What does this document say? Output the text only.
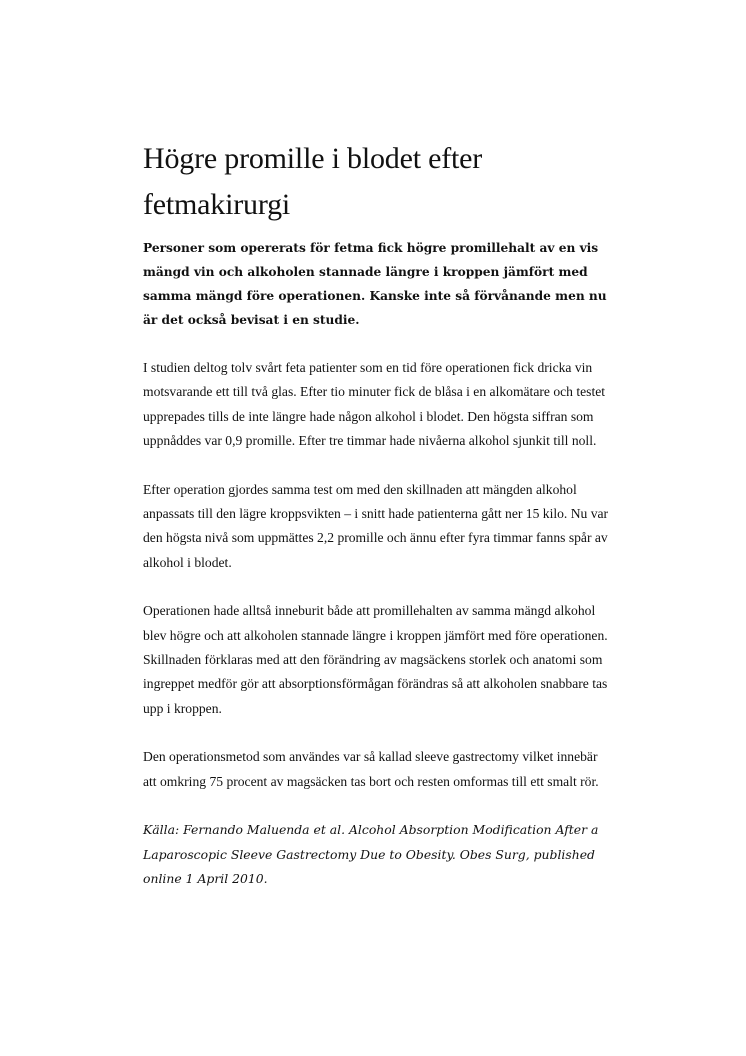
Högre promille i blodet efter fetmakirurgi

Personer som opererats för fetma fick högre promillehalt av en vis mängd vin och alkoholen stannade längre i kroppen jämfört med samma mängd före operationen. Kanske inte så förvånande men nu är det också bevisat i en studie.

I studien deltog tolv svårt feta patienter som en tid före operationen fick dricka vin motsvarande ett till två glas. Efter tio minuter fick de blåsa i en alkomätare och testet upprepades tills de inte längre hade någon alkohol i blodet. Den högsta siffran som uppnåddes var 0,9 promille. Efter tre timmar hade nivåerna alkohol sjunkit till noll.

Efter operation gjordes samma test om med den skillnaden att mängden alkohol anpassats till den lägre kroppsvikten – i snitt hade patienterna gått ner 15 kilo. Nu var den högsta nivå som uppmättes 2,2 promille och ännu efter fyra timmar fanns spår av alkohol i blodet.

Operationen hade alltså inneburit både att promillehalten av samma mängd alkohol blev högre och att alkoholen stannade längre i kroppen jämfört med före operationen. Skillnaden förklaras med att den förändring av magsäckens storlek och anatomi som ingreppet medför gör att absorptionsförmågan förändras så att alkoholen snabbare tas upp i kroppen.

Den operationsmetod som användes var så kallad sleeve gastrectomy vilket innebär att omkring 75 procent av magsäcken tas bort och resten omformas till ett smalt rör.

Källa: Fernando Maluenda et al. Alcohol Absorption Modification After a Laparoscopic Sleeve Gastrectomy Due to Obesity. Obes Surg, published online 1 April 2010.
